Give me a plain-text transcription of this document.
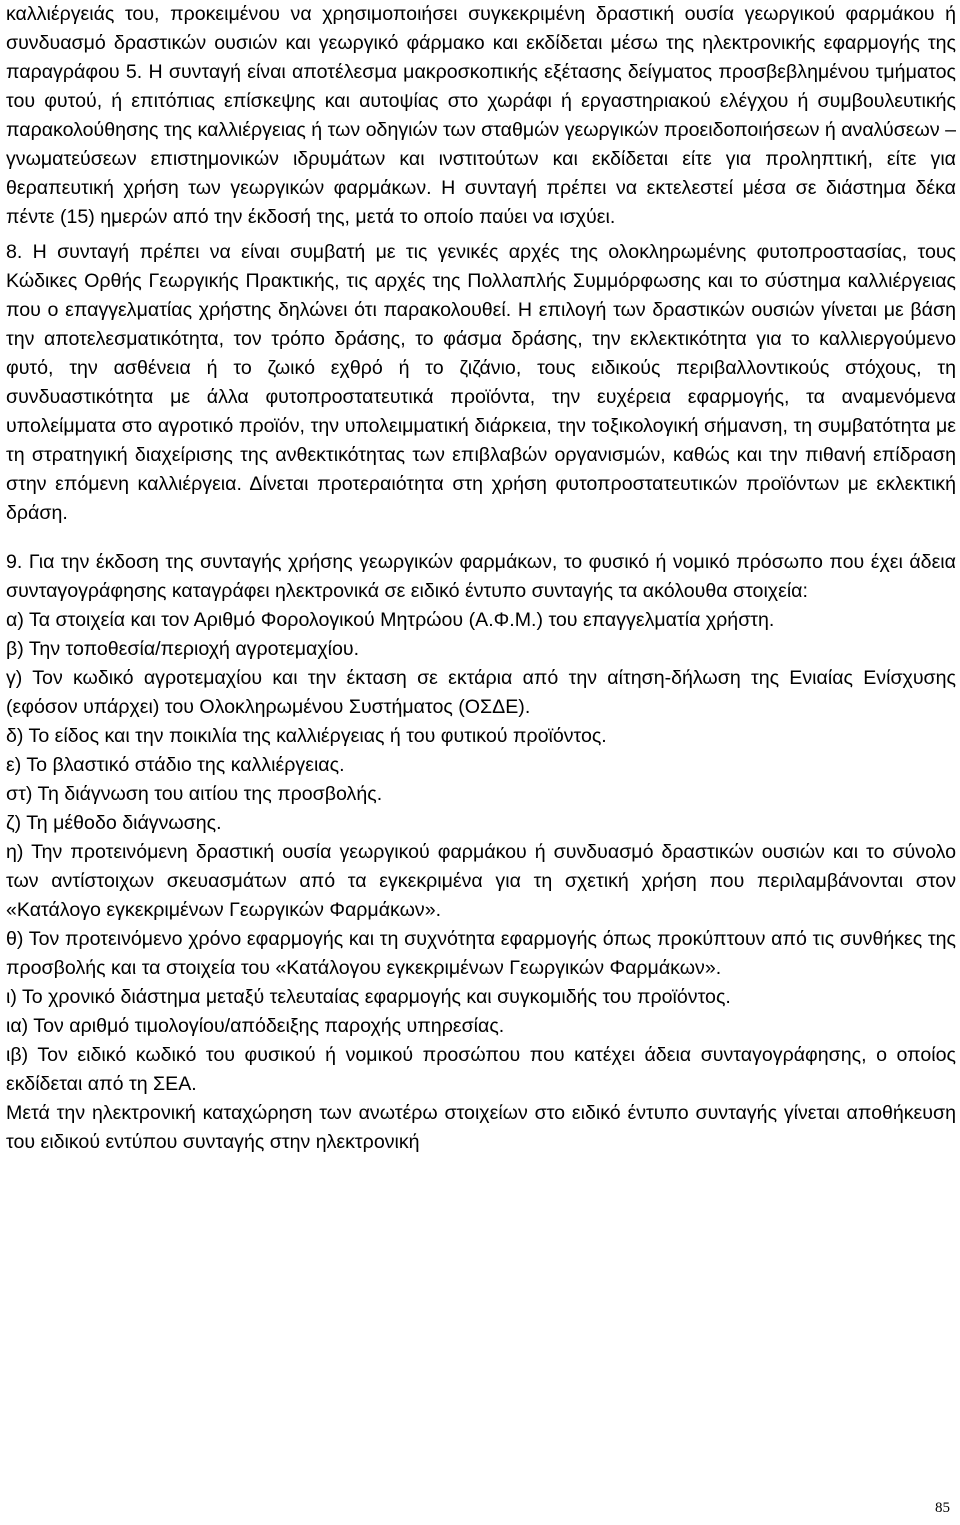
καλλιέργειάς του, προκειμένου να χρησιμοποιήσει συγκεκριμένη δραστική ουσία γεωργικού φαρμάκου ή συνδυασμό δραστικών ουσιών και γεωργικό φάρμακο και εκδίδεται μέσω της ηλεκτρονικής εφαρμογής της παραγράφου 5. Η συνταγή είναι αποτέλεσμα μακροσκοπικής εξέτασης δείγματος προσβεβλημένου τμήματος του φυτού, ή επιτόπιας επίσκεψης και αυτοψίας στο χωράφι ή εργαστηριακού ελέγχου ή συμβουλευτικής παρακολούθησης της καλλιέργειας ή των οδηγιών των σταθμών γεωργικών προειδοποιήσεων ή αναλύσεων – γνωματεύσεων επιστημονικών ιδρυμάτων και ινστιτούτων και εκδίδεται είτε για προληπτική, είτε για θεραπευτική χρήση των γεωργικών φαρμάκων. Η συνταγή πρέπει να εκτελεστεί μέσα σε διάστημα δέκα πέντε (15) ημερών από την έκδοσή της, μετά το οποίο παύει να ισχύει.

8. Η συνταγή πρέπει να είναι συμβατή με τις γενικές αρχές της ολοκληρωμένης φυτοπροστασίας, τους Κώδικες Ορθής Γεωργικής Πρακτικής, τις αρχές της Πολλαπλής Συμμόρφωσης και το σύστημα καλλιέργειας που ο επαγγελματίας χρήστης δηλώνει ότι παρακολουθεί. Η επιλογή των δραστικών ουσιών γίνεται με βάση την αποτελεσματικότητα, τον τρόπο δράσης, το φάσμα δράσης, την εκλεκτικότητα για το καλλιεργούμενο φυτό, την ασθένεια ή το ζωικό εχθρό ή το ζιζάνιο, τους ειδικούς περιβαλλοντικούς στόχους, τη συνδυαστικότητα με άλλα φυτοπροστατευτικά προϊόντα, την ευχέρεια εφαρμογής, τα αναμενόμενα υπολείμματα στο αγροτικό προϊόν, την υπολειμματική διάρκεια, την τοξικολογική σήμανση, τη συμβατότητα με τη στρατηγική διαχείρισης της ανθεκτικότητας των επιβλαβών οργανισμών, καθώς και την πιθανή επίδραση στην επόμενη καλλιέργεια. Δίνεται προτεραιότητα στη χρήση φυτοπροστατευτικών προϊόντων με εκλεκτική δράση.

9. Για την έκδοση της συνταγής χρήσης γεωργικών φαρμάκων, το φυσικό ή νομικό πρόσωπο που έχει άδεια συνταγογράφησης καταγράφει ηλεκτρονικά σε ειδικό έντυπο συνταγής τα ακόλουθα στοιχεία:

α) Τα στοιχεία και τον Αριθμό Φορολογικού Μητρώου (Α.Φ.Μ.) του επαγγελματία χρήστη.

β) Την τοποθεσία/περιοχή αγροτεμαχίου.

γ) Τον κωδικό αγροτεμαχίου και την έκταση σε εκτάρια από την αίτηση-δήλωση της Ενιαίας Ενίσχυσης (εφόσον υπάρχει) του Ολοκληρωμένου Συστήματος (ΟΣΔΕ).

δ) Το είδος και την ποικιλία της καλλιέργειας ή του φυτικού προϊόντος.

ε) Το βλαστικό στάδιο της καλλιέργειας.

στ) Τη διάγνωση του αιτίου της προσβολής.

ζ) Τη μέθοδο διάγνωσης.

η) Την προτεινόμενη δραστική ουσία γεωργικού φαρμάκου ή συνδυασμό δραστικών ουσιών και το σύνολο των αντίστοιχων σκευασμάτων από τα εγκεκριμένα για τη σχετική χρήση που περιλαμβάνονται στον «Κατάλογο εγκεκριμένων Γεωργικών Φαρμάκων».

θ) Τον προτεινόμενο χρόνο εφαρμογής και τη συχνότητα εφαρμογής όπως προκύπτουν από τις συνθήκες της προσβολής και τα στοιχεία του «Κατάλογου εγκεκριμένων Γεωργικών Φαρμάκων».

ι) Το χρονικό διάστημα μεταξύ τελευταίας εφαρμογής και συγκομιδής του προϊόντος.

ια) Τον αριθμό τιμολογίου/απόδειξης παροχής υπηρεσίας.

ιβ) Τον ειδικό κωδικό του φυσικού ή νομικού προσώπου που κατέχει άδεια συνταγογράφησης, ο οποίος εκδίδεται από τη ΣΕΑ.

Μετά την ηλεκτρονική καταχώρηση των ανωτέρω στοιχείων στο ειδικό έντυπο συνταγής γίνεται αποθήκευση του ειδικού εντύπου συνταγής στην ηλεκτρονική

85
